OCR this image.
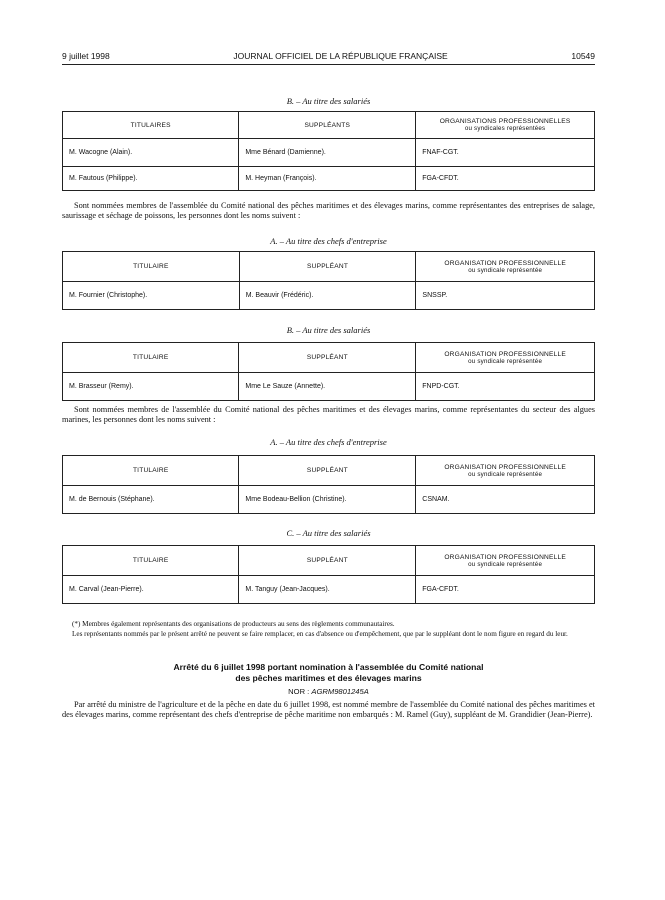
9 juillet 1998	JOURNAL OFFICIEL DE LA RÉPUBLIQUE FRANÇAISE	10549
B. – Au titre des salariés
TITULAIRES	SUPPLÉANTS	ORGANISATIONS PROFESSIONNELLES
ou syndicales représentées

M. Wacogne (Alain).	Mme Bénard (Damienne).	FNAF-CGT.
M. Fautous (Philippe).	M. Heyman (François).	FGA-CFDT.
Sont nommées membres de l'assemblée du Comité national des pêches maritimes et des élevages marins, comme représentantes des entreprises de salage, saurissage et séchage de poissons, les personnes dont les noms suivent :
A. – Au titre des chefs d'entreprise
TITULAIRE	SUPPLÉANT	ORGANISATION PROFESSIONNELLE
ou syndicale représentée

M. Fournier (Christophe).	M. Beauvir (Frédéric).	SNSSP.
B. – Au titre des salariés
TITULAIRE	SUPPLÉANT	ORGANISATION PROFESSIONNELLE
ou syndicale représentée

M. Brasseur (Remy).	Mme Le Sauze (Annette).	FNPD-CGT.
Sont nommées membres de l'assemblée du Comité national des pêches maritimes et des élevages marins, comme représentantes du secteur des algues marines, les personnes dont les noms suivent :
A. – Au titre des chefs d'entreprise
TITULAIRE	SUPPLÉANT	ORGANISATION PROFESSIONNELLE
ou syndicale représentée

M. de Bernouis (Stéphane).	Mme Bodeau-Bellion (Christine).	CSNAM.
C. – Au titre des salariés
TITULAIRE	SUPPLÉANT	ORGANISATION PROFESSIONNELLE
ou syndicale représentée

M. Carval (Jean-Pierre).	M. Tanguy (Jean-Jacques).	FGA-CFDT.
(*) Membres également représentants des organisations de producteurs au sens des règlements communautaires.
Les représentants nommés par le présent arrêté ne peuvent se faire remplacer, en cas d'absence ou d'empêchement, que par le suppléant dont le nom figure en regard du leur.
Arrêté du 6 juillet 1998 portant nomination à l'assemblée du Comité national
des pêches maritimes et des élevages marins
NOR : AGRM9801245A
Par arrêté du ministre de l'agriculture et de la pêche en date du 6 juillet 1998, est nommé membre de l'assemblée du Comité national des pêches maritimes et des élevages marins, comme représentant des chefs d'entreprise de pêche maritime non embarqués : M. Ramel (Guy), suppléant de M. Grandidier (Jean-Pierre).
